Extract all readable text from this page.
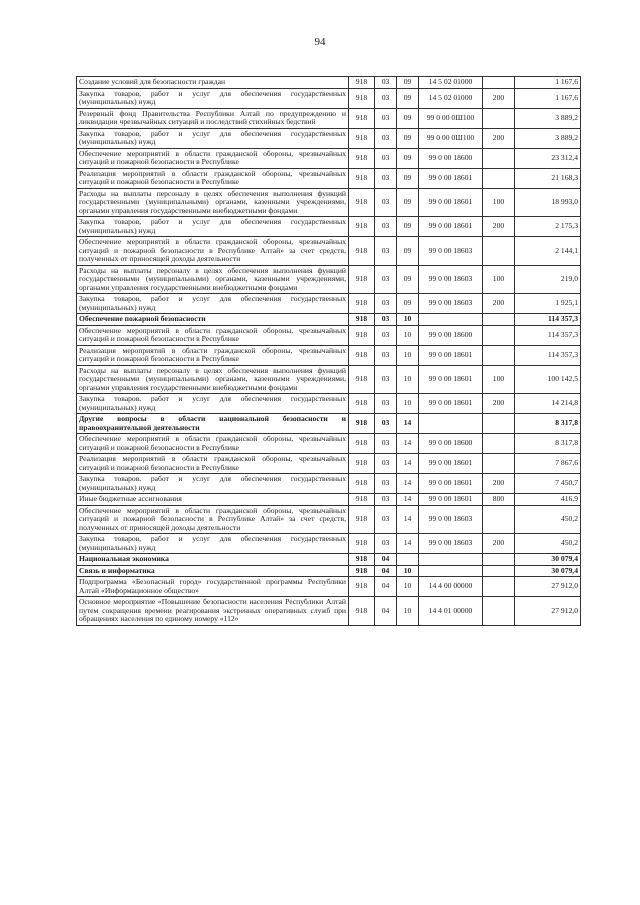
94
Создание условий для безопасности граждан	918	03	09	14 5 02 01000		1 167,6
Закупка товаров, работ и услуг для обеспечения государственных (муниципальных) нужд	918	03	09	14 5 02 01000	200	1 167,6
Резервный фонд Правительства Республики Алтай по предупреждению и ликвидации чрезвычайных ситуаций и последствий стихийных бедствий	918	03	09	99 0 00 0Ш100		3 889,2
Закупка товаров, работ и услуг для обеспечения государственных (муниципальных) нужд	918	03	09	99 0 00 0Ш100	200	3 889,2
Обеспечение мероприятий в области гражданской обороны, чрезвычайных ситуаций и пожарной безопасности в Республике	918	03	09	99 0 00 18600		23 312,4
Реализация мероприятий в области гражданской обороны, чрезвычайных ситуаций и пожарной безопасности в Республике	918	03	09	99 0 00 18601		21 168,3
Расходы на выплаты персоналу в целях обеспечения выполнения функций государственными (муниципальными) органами, казенными учреждениями, органами управления государственными внебюджетными фондами	918	03	09	99 0 00 18601	100	18 993,0
Закупка товаров, работ и услуг для обеспечения государственных (муниципальных) нужд	918	03	09	99 0 00 18601	200	2 175,3
Обеспечение мероприятий в области гражданской обороны, чрезвычайных ситуаций и пожарной безопасности в Республике Алтай» за счет средств, полученных от приносящей доходы деятельности	918	03	09	99 0 00 18603		2 144,1
Расходы на выплаты персоналу в целях обеспечения выполнения функций государственными (муниципальными) органами, казенными учреждениями, органами управления государственными внебюджетными фондами	918	03	09	99 0 00 18603	100	219,0
Закупка товаров, работ и услуг для обеспечения государственных (муниципальных) нужд	918	03	09	99 0 00 18603	200	1 925,1
Обеспечение пожарной безопасности	918	03	10			114 357,3
Обеспечение мероприятий в области гражданской обороны, чрезвычайных ситуаций и пожарной безопасности в Республике	918	03	10	99 0 00 18600		114 357,3
Реализация мероприятий в области гражданской обороны, чрезвычайных ситуаций и пожарной безопасности в Республике	918	03	10	99 0 00 18601		114 357,3
Расходы на выплаты персоналу в целях обеспечения выполнения функций государственными (муниципальными) органами, казенными учреждениями, органами управления государственными внебюджетными фондами	918	03	10	99 0 00 18601	100	100 142,5
Закупка товаров, работ и услуг для обеспечения государственных (муниципальных) нужд	918	03	10	99 0 00 18601	200	14 214,8
Другие вопросы в области национальной безопасности и правоохранительной деятельности	918	03	14			8 317,8
Обеспечение мероприятий в области гражданской обороны, чрезвычайных ситуаций и пожарной безопасности в Республике	918	03	14	99 0 00 18600		8 317,8
Реализация мероприятий в области гражданской обороны, чрезвычайных ситуаций и пожарной безопасности в Республике	918	03	14	99 0 00 18601		7 867,6
Закупка товаров, работ и услуг для обеспечения государственных (муниципальных) нужд	918	03	14	99 0 00 18601	200	7 450,7
Иные бюджетные ассигнования	918	03	14	99 0 00 18601	800	416,9
Обеспечение мероприятий в области гражданской обороны, чрезвычайных ситуаций и пожарной безопасности в Республике Алтай» за счет средств, полученных от приносящей доходы деятельности	918	03	14	99 0 00 18603		450,2
Закупка товаров, работ и услуг для обеспечения государственных (муниципальных) нужд	918	03	14	99 0 00 18603	200	450,2
Национальная экономика	918	04				30 079,4
Связь и информатика	918	04	10			30 079,4
Подпрограмма «Безопасный город» государственной программы Республики Алтай «Информационное общество»	918	04	10	14 4 00 00000		27 912,0
Основное мероприятие «Повышение безопасности населения Республики Алтай путем сокращения времени реагирования экстренных оперативных служб при обращениях населения по единому номеру «112»	918	04	10	14 4 01 00000		27 912,0
